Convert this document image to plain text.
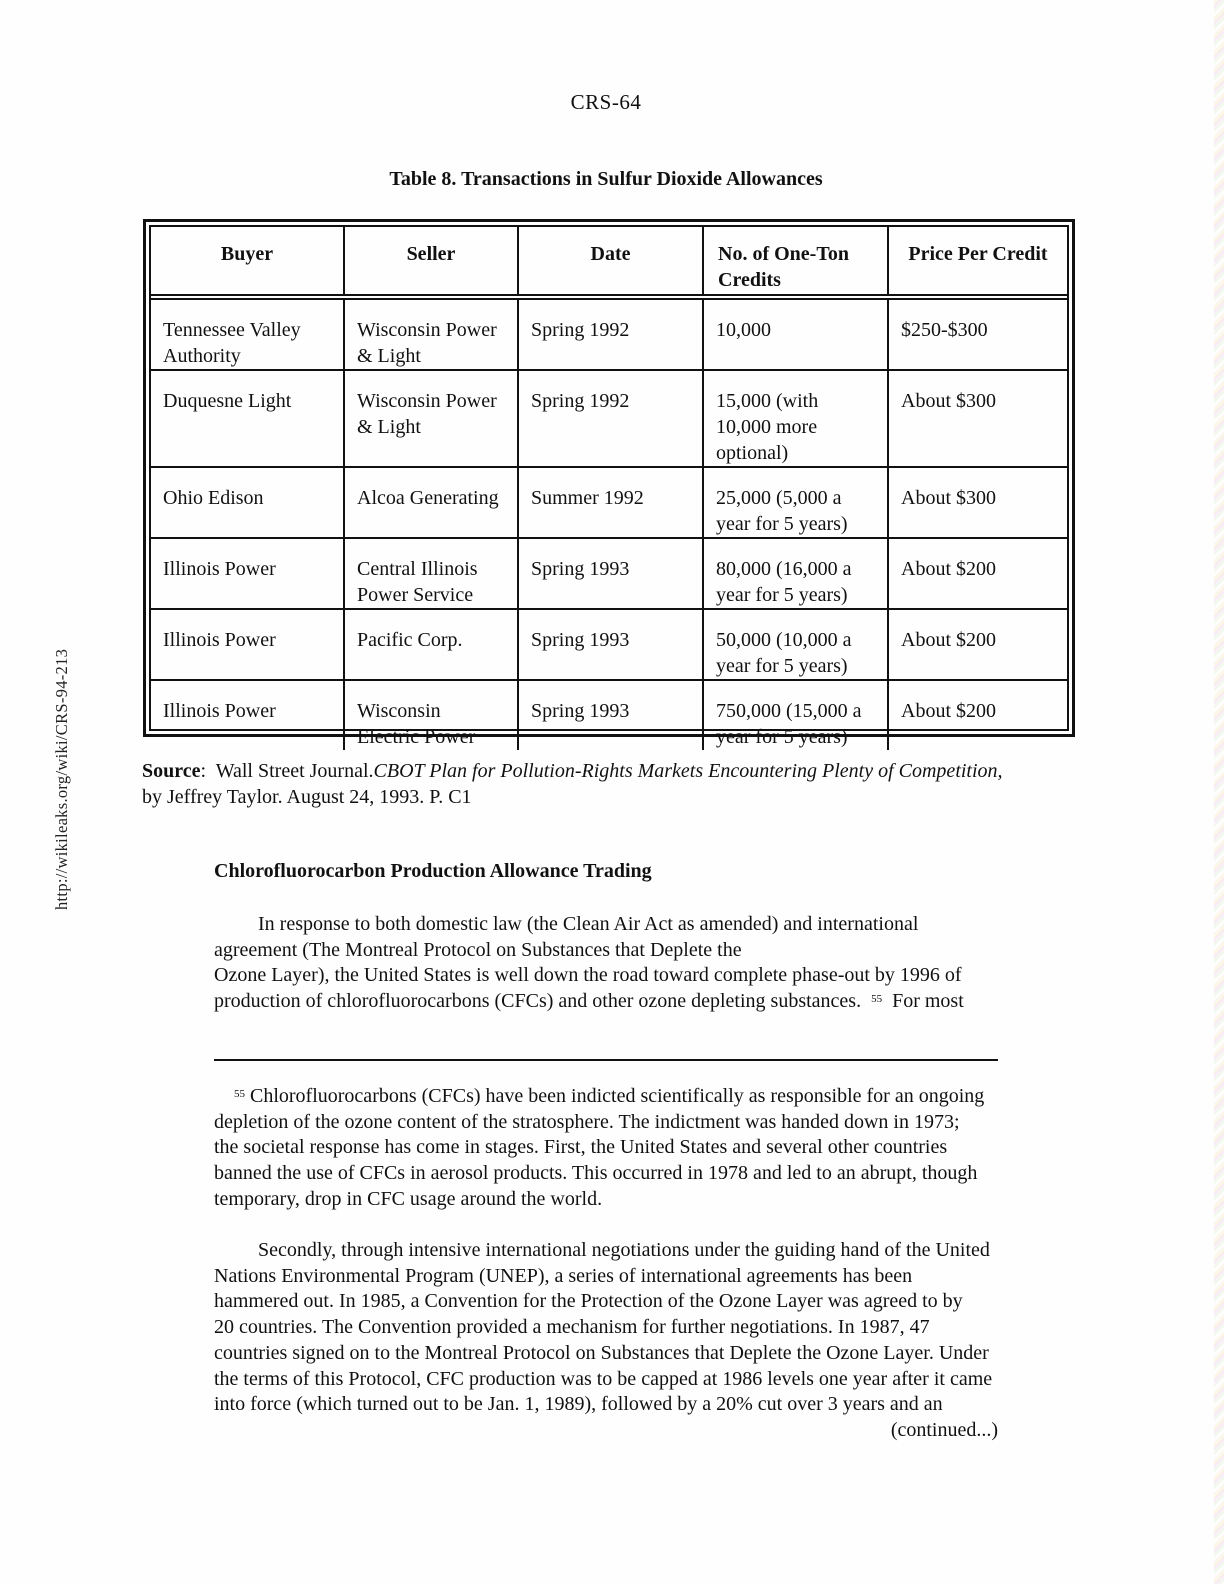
CRS-64
http://wikileaks.org/wiki/CRS-94-213
Table 8. Transactions in Sulfur Dioxide Allowances
Buyer	Seller	Date	No. of One-Ton Credits	Price Per Credit
Tennessee Valley Authority	Wisconsin Power & Light	Spring 1992	10,000	$250-$300
Duquesne Light	Wisconsin Power & Light	Spring 1992	15,000 (with 10,000 more optional)	About $300
Ohio Edison	Alcoa Generating	Summer 1992	25,000 (5,000 a year for 5 years)	About $300
Illinois Power	Central Illinois Power Service	Spring 1993	80,000 (16,000 a year for 5 years)	About $200
Illinois Power	Pacific Corp.	Spring 1993	50,000 (10,000 a year for 5 years)	About $200
Illinois Power	Wisconsin Electric Power	Spring 1993	750,000 (15,000 a year for 5 years)	About $200
Source:  Wall Street Journal.CBOT Plan for Pollution-Rights Markets Encountering Plenty of Competition,
by Jeffrey Taylor. August 24, 1993. P. C1
Chlorofluorocarbon Production Allowance Trading
In response to both domestic law (the Clean Air Act as amended) and international
agreement (The Montreal Protocol on Substances that Deplete the
Ozone Layer), the United States is well down the road toward complete phase-out by 1996 of
production of chlorofluorocarbons (CFCs) and other ozone depleting substances. $^{55}$ For most
$^{55}$ Chlorofluorocarbons (CFCs) have been indicted scientifically as responsible for an ongoing
depletion of the ozone content of the stratosphere. The indictment was handed down in 1973;
the societal response has come in stages. First, the United States and several other countries
banned the use of CFCs in aerosol products. This occurred in 1978 and led to an abrupt, though
temporary, drop in CFC usage around the world.
Secondly, through intensive international negotiations under the guiding hand of the United
Nations Environmental Program (UNEP), a series of international agreements has been
hammered out. In 1985, a Convention for the Protection of the Ozone Layer was agreed to by
20 countries. The Convention provided a mechanism for further negotiations. In 1987, 47
countries signed on to the Montreal Protocol on Substances that Deplete the Ozone Layer. Under
the terms of this Protocol, CFC production was to be capped at 1986 levels one year after it came
into force (which turned out to be Jan. 1, 1989), followed by a 20% cut over 3 years and an
(continued...)
